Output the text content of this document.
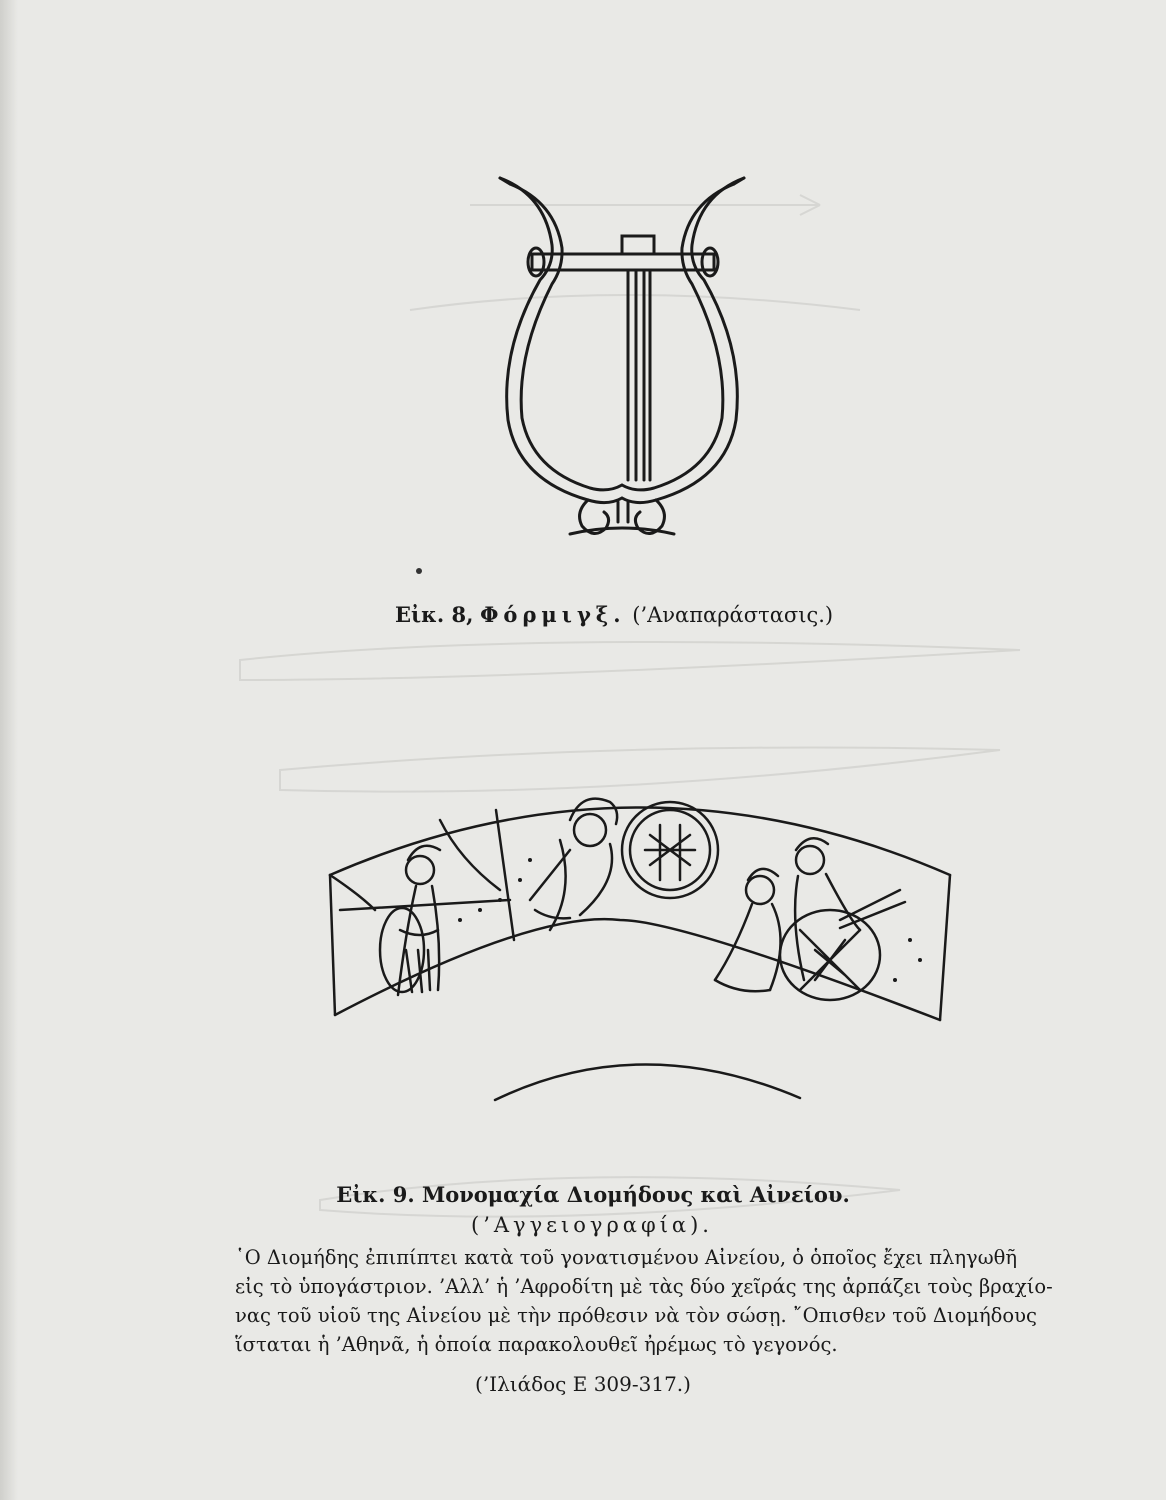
Εἰκ. 8, Φόρμιγξ. (’Αναπαράστασις.)
Εἰκ. 9. Μονομαχία Διομήδους καὶ Αἰνείου.
(’Αγγειογραφία).
῾Ο Διομήδης ἐπιπίπτει κατὰ τοῦ γονατισμένου Αἰνείου, ὁ ὁποῖος ἔχει πληγωθῆ
εἰς τὸ ὑπογάστριον. ’Αλλ’ ἡ ’Αφροδίτη μὲ τὰς δύο χεῖράς της ἁρπάζει τοὺς βραχίο-
νας τοῦ υἱοῦ της Αἰνείου μὲ τὴν πρόθεσιν νὰ τὸν σώσῃ. ῎Οπισθεν τοῦ Διομήδους
ἵσταται ἡ ’Αθηνᾶ, ἡ ὁποία παρακολουθεῖ ἠρέμως τὸ γεγονός.
(’Ιλιάδος Ε 309-317.)
